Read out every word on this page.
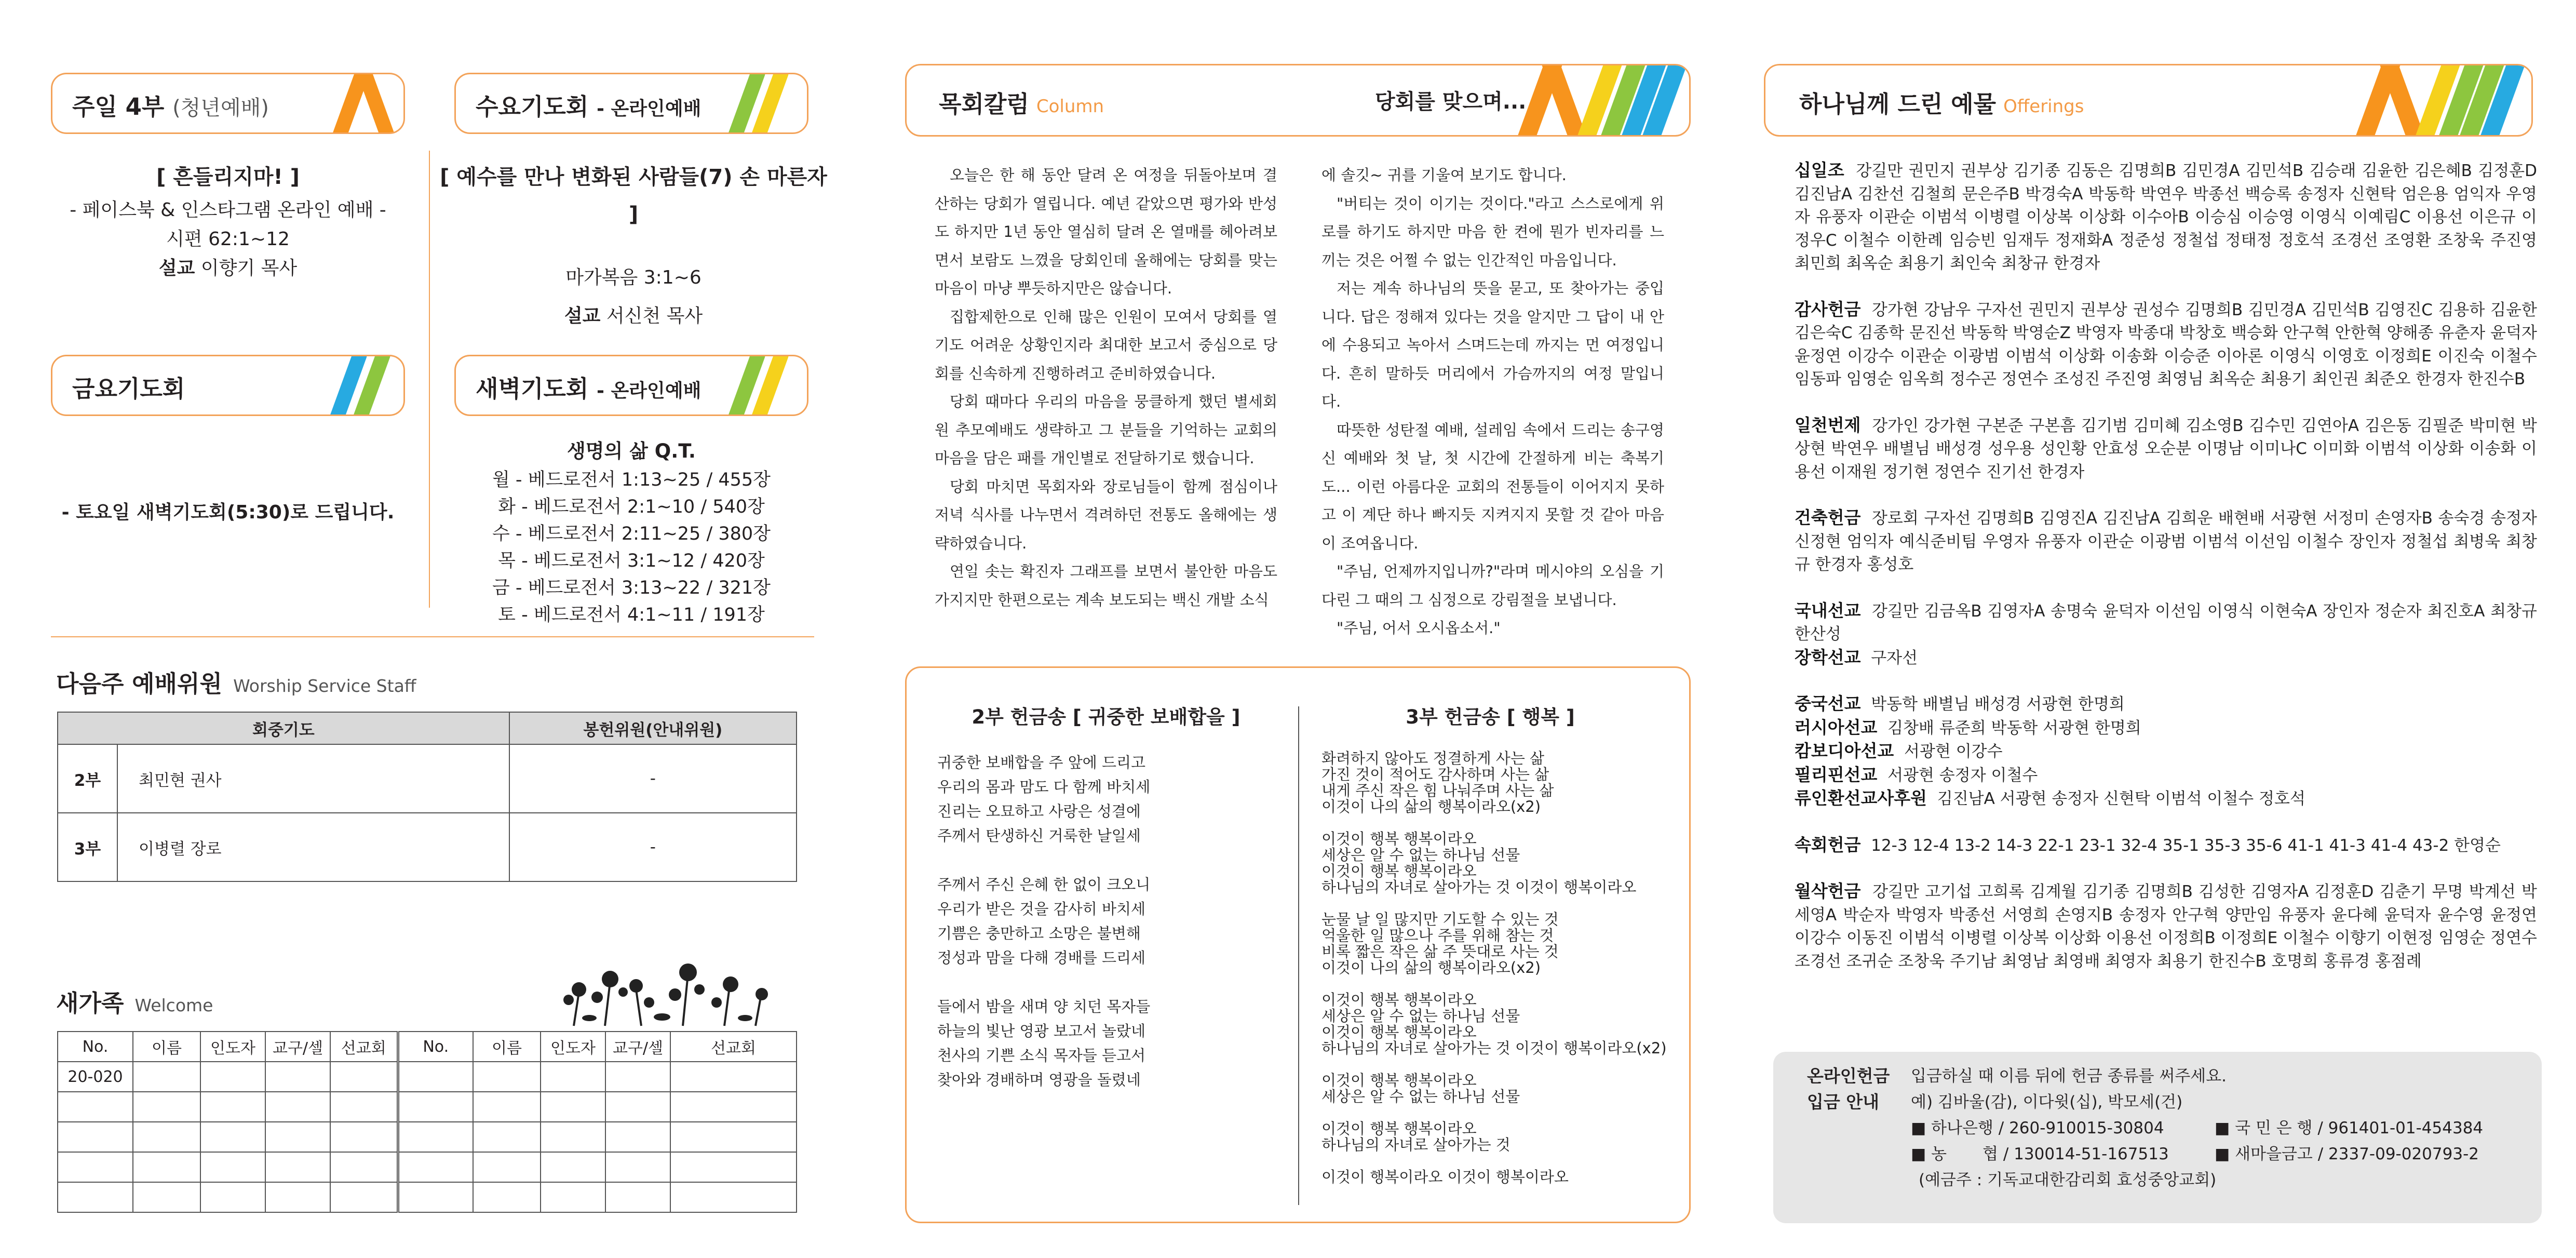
주일 4부 (청년예배)	수요기도회 - 온라인예배
[ 흔들리지마! ]
- 페이스북 & 인스타그램 온라인 예배 -
시편 62:1~12
설교 이향기 목사
[ 예수를 만나 변화된 사람들(7) 손 마른자 ]
마가복음 3:1~6
설교 서신천 목사
금요기도회	새벽기도회 - 온라인예배
- 토요일 새벽기도회(5:30)로 드립니다.
생명의 삶 Q.T.
월 - 베드로전서 1:13~25 / 455장
화 - 베드로전서 2:1~10 / 540장
수 - 베드로전서 2:11~25 / 380장
목 - 베드로전서 3:1~12 / 420장
금 - 베드로전서 3:13~22 / 321장
토 - 베드로전서 4:1~11 / 191장
다음주 예배위원 Worship Service Staff
회중기도		봉헌위원(안내위원)
2부	최민현 권사	-
3부	이병렬 장로	-
새가족 Welcome
No.	이름	인도자	교구/셀	선교회	No.	이름	인도자	교구/셀	선교회
20-020									

목회칼럼 Column	당회를 맞으며...

오늘은 한 해 동안 달려 온 여정을 뒤돌아보며 결산하는 당회가 열립니다. 예년 같았으면 평가와 반성도 하지만 1년 동안 열심히 달려 온 열매를 헤아려보면서 보람도 느꼈을 당회인데 올해에는 당회를 맞는 마음이 마냥 뿌듯하지만은 않습니다.

집합제한으로 인해 많은 인원이 모여서 당회를 열기도 어려운 상황인지라 최대한 보고서 중심으로 당회를 신속하게 진행하려고 준비하였습니다.

당회 때마다 우리의 마음을 뭉클하게 했던 별세회원 추모예배도 생략하고 그 분들을 기억하는 교회의 마음을 담은 패를 개인별로 전달하기로 했습니다.

당회 마치면 목회자와 장로님들이 함께 점심이나 저녁 식사를 나누면서 격려하던 전통도 올해에는 생략하였습니다.

연일 솟는 확진자 그래프를 보면서 불안한 마음도 가지지만 한편으로는 계속 보도되는 백신 개발 소식

에 솔깃~ 귀를 기울여 보기도 합니다.

"버티는 것이 이기는 것이다."라고 스스로에게 위로를 하기도 하지만 마음 한 켠에 뭔가 빈자리를 느끼는 것은 어쩔 수 없는 인간적인 마음입니다.

저는 계속 하나님의 뜻을 묻고, 또 찾아가는 중입니다. 답은 정해져 있다는 것을 알지만 그 답이 내 안에 수용되고 녹아서 스며드는데 까지는 먼 여정입니다. 흔히 말하듯 머리에서 가슴까지의 여정 말입니다.

따뜻한 성탄절 예배, 설레임 속에서 드리는 송구영신 예배와 첫 날, 첫 시간에 간절하게 비는 축복기도... 이런 아름다운 교회의 전통들이 이어지지 못하고 이 계단 하나 빠지듯 지켜지지 못할 것 같아 마음이 조여옵니다.

"주님, 언제까지입니까?"라며 메시야의 오심을 기다린 그 때의 그 심정으로 강림절을 보냅니다.

"주님, 어서 오시옵소서."

2부 헌금송 [ 귀중한 보배합을 ]
귀중한 보배합을 주 앞에 드리고
우리의 몸과 맘도 다 함께 바치세
진리는 오묘하고 사랑은 성결에
주께서 탄생하신 거룩한 날일세

주께서 주신 은혜 한 없이 크오니
우리가 받은 것을 감사히 바치세
기쁨은 충만하고 소망은 불변해
정성과 맘을 다해 경배를 드리세

들에서 밤을 새며 양 치던 목자들
하늘의 빛난 영광 보고서 놀랐네
천사의 기쁜 소식 목자들 듣고서
찾아와 경배하며 영광을 돌렸네
3부 헌금송 [ 행복 ]
화려하지 않아도 정결하게 사는 삶
가진 것이 적어도 감사하며 사는 삶
내게 주신 작은 힘 나눠주며 사는 삶
이것이 나의 삶의 행복이라오(x2)

이것이 행복 행복이라오
세상은 알 수 없는 하나님 선물
이것이 행복 행복이라오
하나님의 자녀로 살아가는 것 이것이 행복이라오

눈물 날 일 많지만 기도할 수 있는 것
억울한 일 많으나 주를 위해 참는 것
비록 짧은 작은 삶 주 뜻대로 사는 것
이것이 나의 삶의 행복이라오(x2)

이것이 행복 행복이라오
세상은 알 수 없는 하나님 선물
이것이 행복 행복이라오
하나님의 자녀로 살아가는 것 이것이 행복이라오(x2)

이것이 행복 행복이라오
세상은 알 수 없는 하나님 선물

이것이 행복 행복이라오
하나님의 자녀로 살아가는 것

이것이 행복이라오 이것이 행복이라오
하나님께 드린 예물 Offerings
십일조 강길만 권민지 권부상 김기종 김동은 김명희B 김민경A 김민석B 김승래 김윤한 김은혜B 김정훈D 김진남A 김찬선 김철희 문은주B 박경숙A 박동학 박연우 박종선 백승록 송정자 신현탁 엄은용 엄익자 우영자 유풍자 이관순 이범석 이병렬 이상복 이상화 이수아B 이승심 이승영 이영식 이예림C 이용선 이은규 이정우C 이철수 이한례 임승빈 임재두 정재화A 정준성 정철섭 정태정 정호석 조경선 조영환 조창욱 주진영 최민희 최옥순 최용기 최인숙 최창규 한경자
감사헌금 강가현 강남우 구자선 권민지 권부상 권성수 김명희B 김민경A 김민석B 김영진C 김용하 김윤한 김은숙C 김종학 문진선 박동학 박영순Z 박영자 박종대 박창호 백승화 안구혁 안한혁 양해종 유춘자 윤덕자 윤정연 이강수 이관순 이광범 이범석 이상화 이송화 이승준 이아론 이영식 이영호 이정희E 이진숙 이철수 임동파 임영순 임옥희 정수곤 정연수 조성진 주진영 최영님 최옥순 최용기 최인권 최준오 한경자 한진수B
일천번제 강가인 강가현 구본준 구본흠 김기범 김미혜 김소영B 김수민 김연아A 김은동 김필준 박미현 박상현 박연우 배별님 배성경 성우용 성인황 안효성 오순분 이명남 이미나C 이미화 이범석 이상화 이송화 이용선 이재원 정기현 정연수 진기선 한경자
건축헌금 장로회 구자선 김명희B 김영진A 김진남A 김희운 배현배 서광현 서정미 손영자B 송숙경 송정자 신정현 엄익자 예식준비팀 우영자 유풍자 이관순 이광범 이범석 이선임 이철수 장인자 정철섭 최병욱 최창규 한경자 홍성호
국내선교 강길만 김금옥B 김영자A 송명숙 윤덕자 이선임 이영식 이현숙A 장인자 정순자 최진호A 최창규 한산성
장학선교 구자선
중국선교 박동학 배별님 배성경 서광현 한명희
러시아선교 김창배 류준희 박동학 서광현 한명희
캄보디아선교 서광현 이강수
필리핀선교 서광현 송정자 이철수
류인환선교사후원 김진남A 서광현 송정자 신현탁 이범석 이철수 정호석
속회헌금 12-3 12-4 13-2 14-3 22-1 23-1 32-4 35-1 35-3 35-6 41-1 41-3 41-4 43-2 한영순
월삭헌금 강길만 고기섭 고희록 김계월 김기종 김명희B 김성한 김영자A 김정훈D 김춘기 무명 박계선 박세영A 박순자 박영자 박종선 서영희 손영지B 송정자 안구혁 양만임 유풍자 윤다혜 윤덕자 윤수영 윤정연 이강수 이동진 이범석 이병렬 이상복 이상화 이용선 이정희B 이정희E 이철수 이향기 이현정 임영순 정연수 조경선 조귀순 조창욱 주기남 최영남 최영배 최영자 최용기 한진수B 호명희 홍류경 홍점례
온라인헌금
입금 안내
입금하실 때 이름 뒤에 헌금 종류를 써주세요.
예) 김바울(감), 이다윗(십), 박모세(건)
■ 하나은행 / 260-910015-30804	■ 국 민 은 행 / 961401-01-454384
■ 농       협 / 130014-51-167513	■ 새마을금고 / 2337-09-020793-2
(예금주 : 기독교대한감리회 효성중앙교회)
